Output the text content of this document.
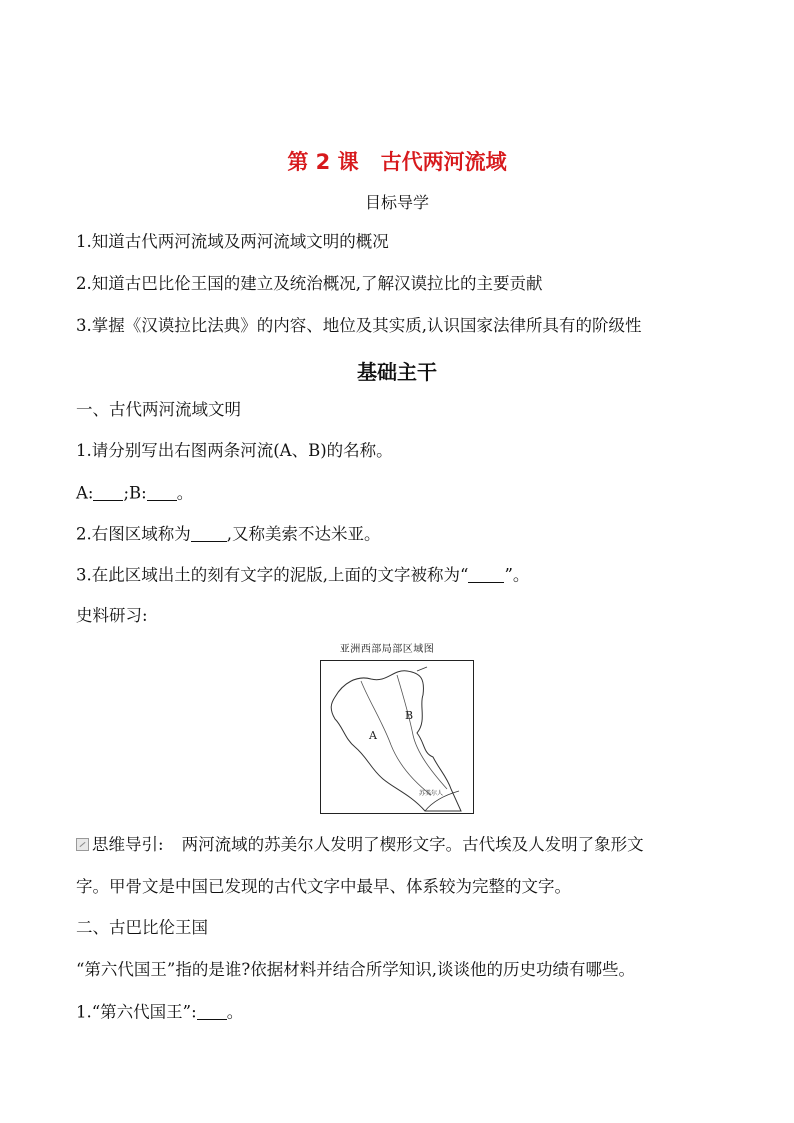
第 2 课 古代两河流域
目标导学
1.知道古代两河流域及两河流域文明的概况
2.知道古巴比伦王国的建立及统治概况,了解汉谟拉比的主要贡献
3.掌握《汉谟拉比法典》的内容、地位及其实质,认识国家法律所具有的阶级性
基础主干
一、古代两河流域文明
1.请分别写出右图两条河流(A、B)的名称。
A: ;B: 。
2.右图区域称为 ,又称美索不达米亚。
3.在此区域出土的刻有文字的泥版,上面的文字被称为“ ”。
史料研习:
亚洲西部局部区域图
A
B
苏美尔人
思维导引: 两河流域的苏美尔人发明了楔形文字。古代埃及人发明了象形文
字。甲骨文是中国已发现的古代文字中最早、体系较为完整的文字。
二、古巴比伦王国
“第六代国王”指的是谁?依据材料并结合所学知识,谈谈他的历史功绩有哪些。
1.“第六代国王”: 。
